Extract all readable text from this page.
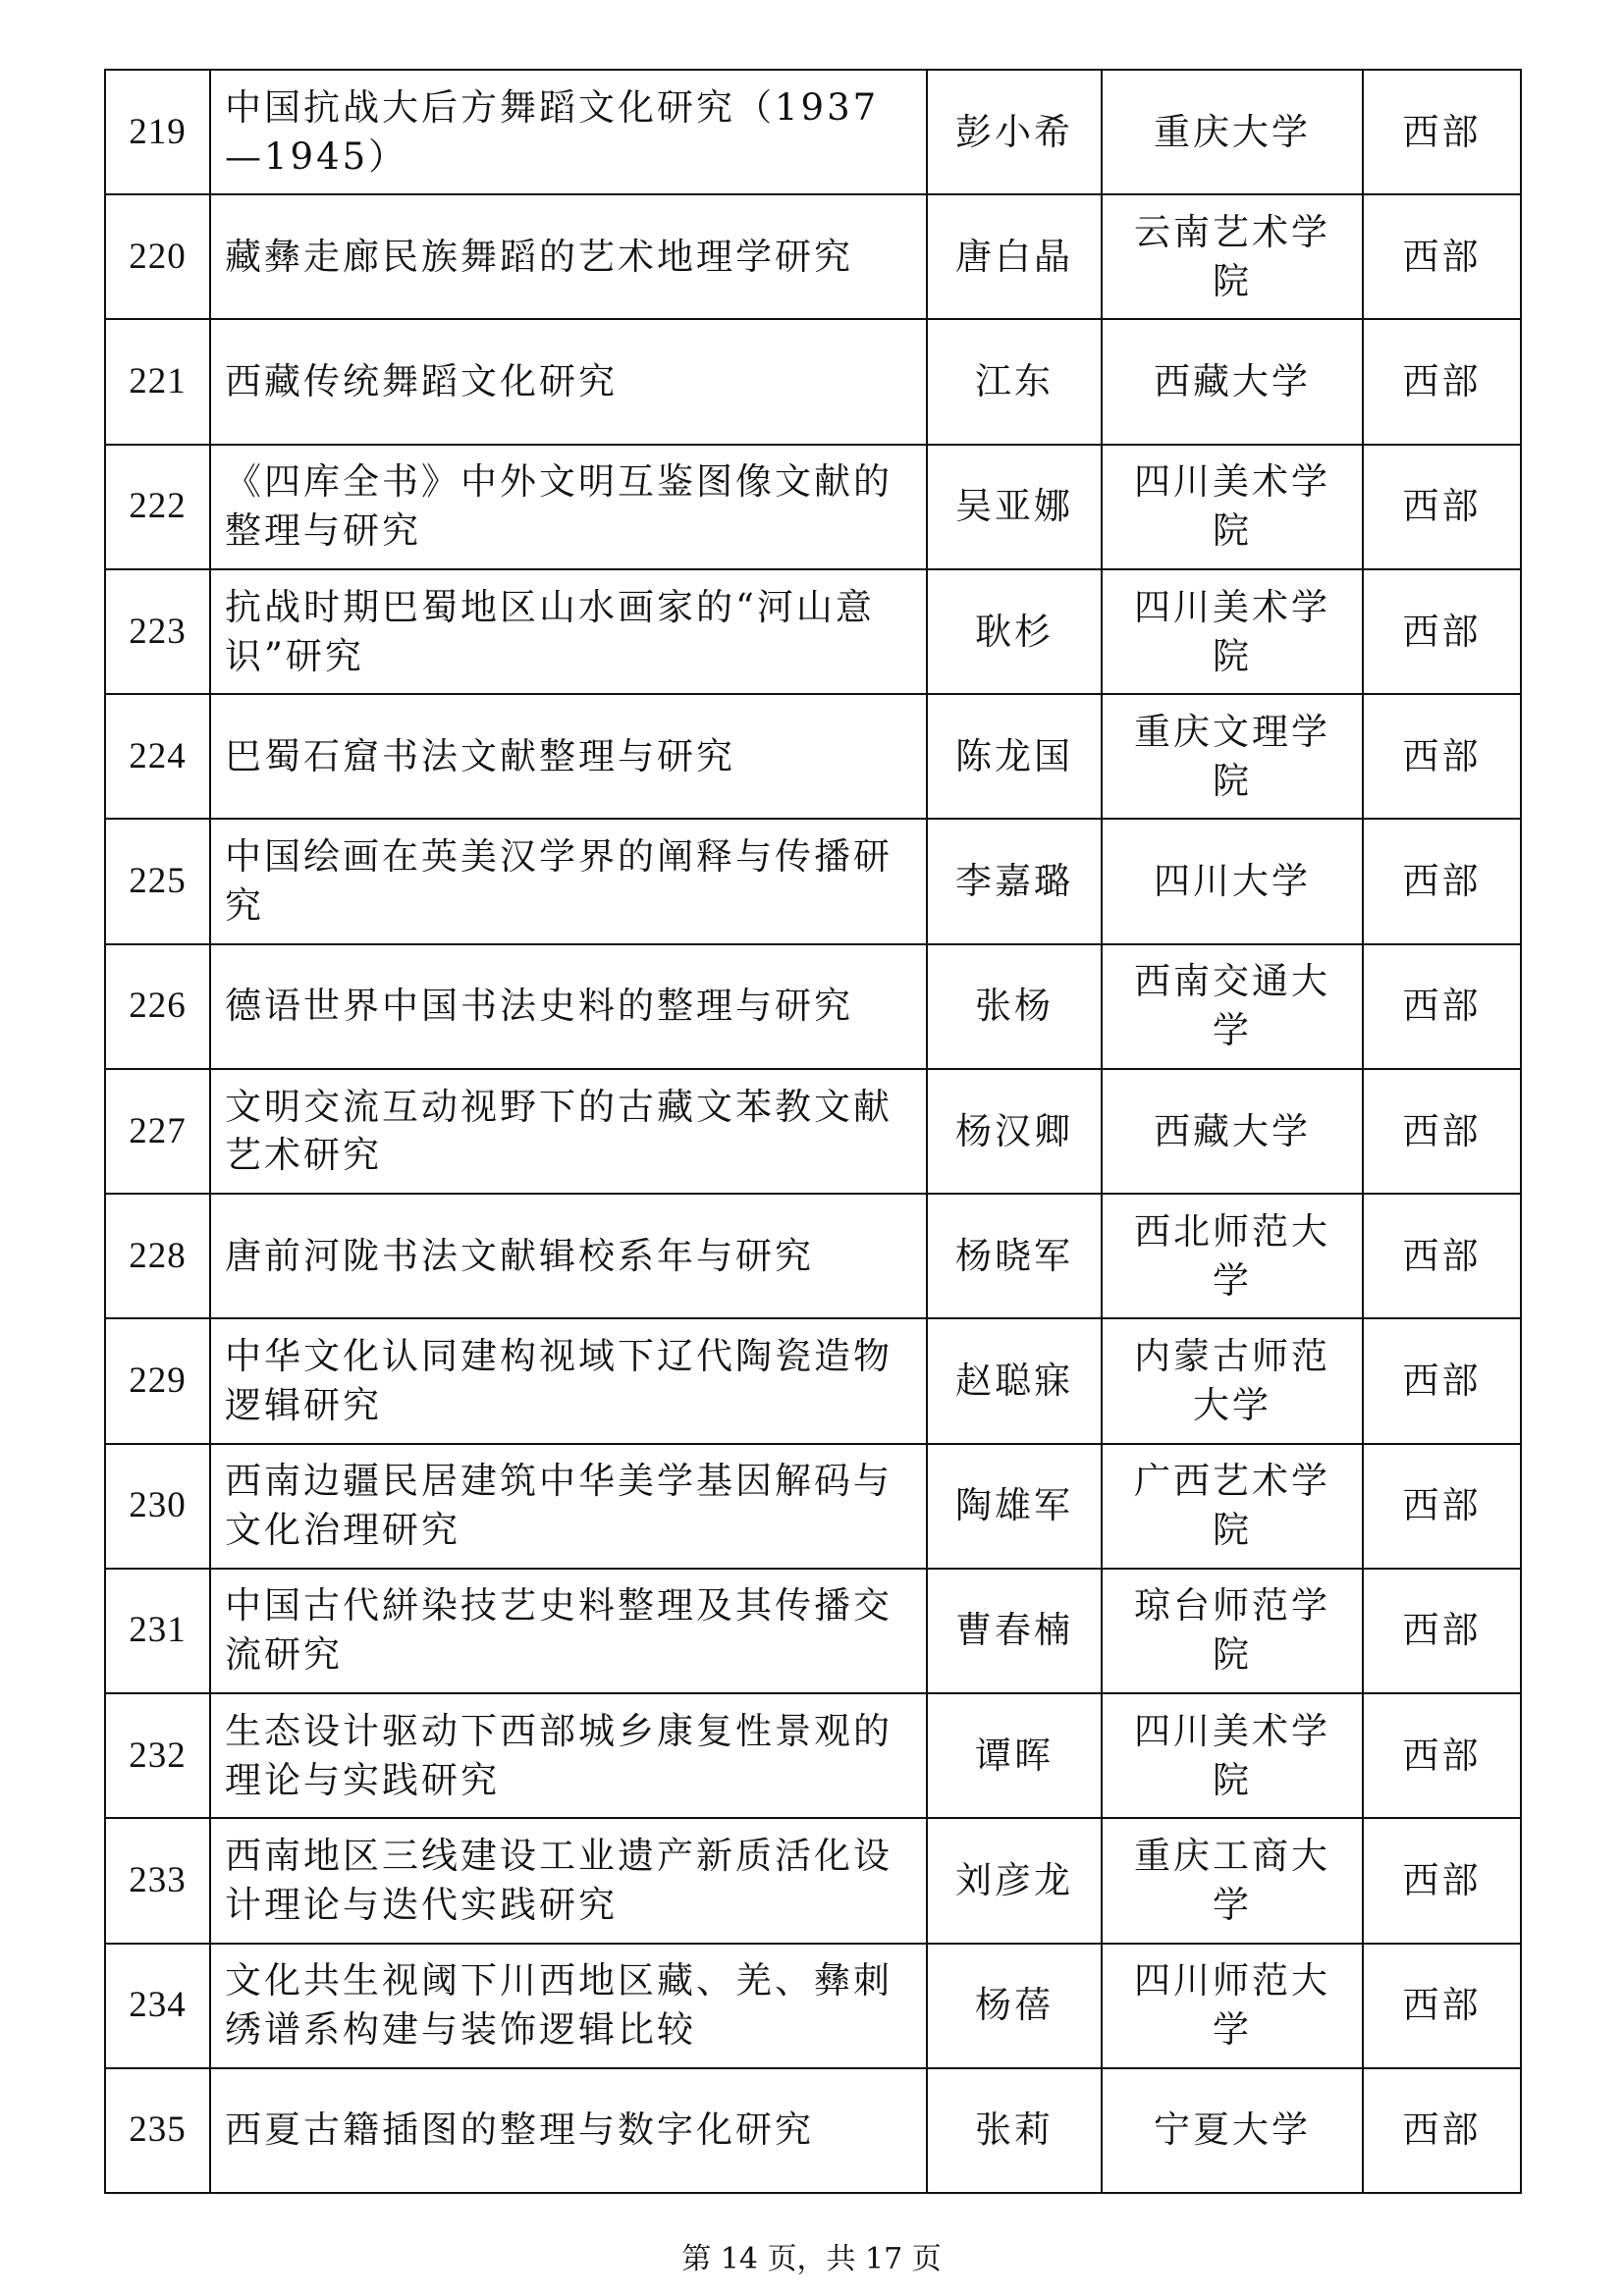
219	中国抗战大后方舞蹈文化研究（1937—1945）	彭小希	重庆大学	西部
220	藏彝走廊民族舞蹈的艺术地理学研究	唐白晶	云南艺术学院	西部
221	西藏传统舞蹈文化研究	江东	西藏大学	西部
222	《四库全书》中外文明互鉴图像文献的整理与研究	吴亚娜	四川美术学院	西部
223	抗战时期巴蜀地区山水画家的“河山意识”研究	耿杉	四川美术学院	西部
224	巴蜀石窟书法文献整理与研究	陈龙国	重庆文理学院	西部
225	中国绘画在英美汉学界的阐释与传播研究	李嘉璐	四川大学	西部
226	德语世界中国书法史料的整理与研究	张杨	西南交通大学	西部
227	文明交流互动视野下的古藏文苯教文献艺术研究	杨汉卿	西藏大学	西部
228	唐前河陇书法文献辑校系年与研究	杨晓军	西北师范大学	西部
229	中华文化认同建构视域下辽代陶瓷造物逻辑研究	赵聪寐	内蒙古师范大学	西部
230	西南边疆民居建筑中华美学基因解码与文化治理研究	陶雄军	广西艺术学院	西部
231	中国古代絣染技艺史料整理及其传播交流研究	曹春楠	琼台师范学院	西部
232	生态设计驱动下西部城乡康复性景观的理论与实践研究	谭晖	四川美术学院	西部
233	西南地区三线建设工业遗产新质活化设计理论与迭代实践研究	刘彦龙	重庆工商大学	西部
234	文化共生视阈下川西地区藏、羌、彝刺绣谱系构建与装饰逻辑比较	杨蓓	四川师范大学	西部
235	西夏古籍插图的整理与数字化研究	张莉	宁夏大学	西部
第 14 页，共 17 页
